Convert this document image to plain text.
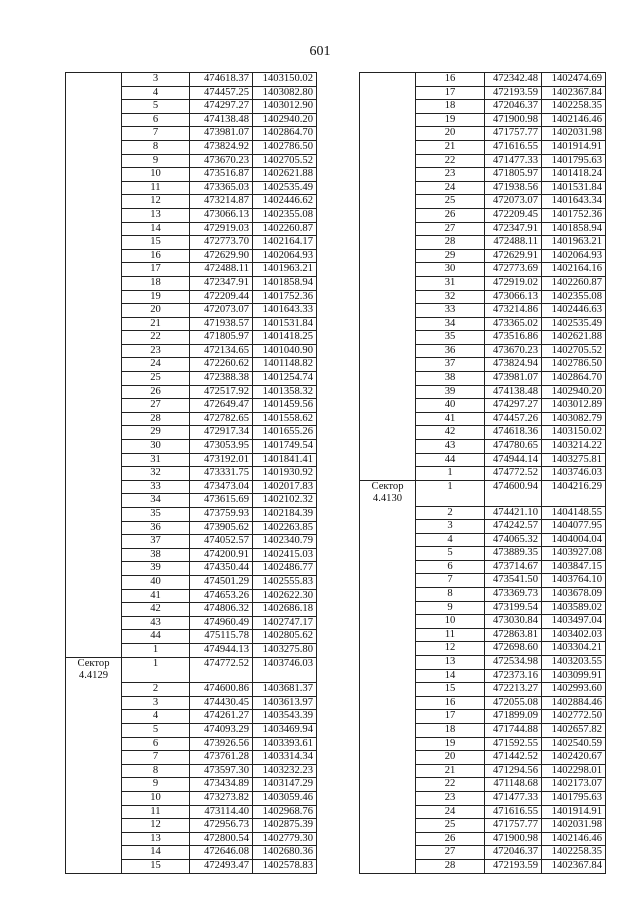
601
	3	474618.37	1403150.02
	4	474457.25	1403082.80
	5	474297.27	1403012.90
	6	474138.48	1402940.20
	7	473981.07	1402864.70
	8	473824.92	1402786.50
	9	473670.23	1402705.52
	10	473516.87	1402621.88
	11	473365.03	1402535.49
	12	473214.87	1402446.62
	13	473066.13	1402355.08
	14	472919.03	1402260.87
	15	472773.70	1402164.17
	16	472629.90	1402064.93
	17	472488.11	1401963.21
	18	472347.91	1401858.94
	19	472209.44	1401752.36
	20	472073.07	1401643.33
	21	471938.57	1401531.84
	22	471805.97	1401418.25
	23	472134.65	1401040.90
	24	472260.62	1401148.82
	25	472388.38	1401254.74
	26	472517.92	1401358.32
	27	472649.47	1401459.56
	28	472782.65	1401558.62
	29	472917.34	1401655.26
	30	473053.95	1401749.54
	31	473192.01	1401841.41
	32	473331.75	1401930.92
	33	473473.04	1402017.83
	34	473615.69	1402102.32
	35	473759.93	1402184.39
	36	473905.62	1402263.85
	37	474052.57	1402340.79
	38	474200.91	1402415.03
	39	474350.44	1402486.77
	40	474501.29	1402555.83
	41	474653.26	1402622.30
	42	474806.32	1402686.18
	43	474960.49	1402747.17
	44	475115.78	1402805.62
	1	474944.13	1403275.80
Сектор 4.4129	1	474772.52	1403746.03
	2	474600.86	1403681.37
	3	474430.45	1403613.97
	4	474261.27	1403543.39
	5	474093.29	1403469.94
	6	473926.56	1403393.61
	7	473761.28	1403314.34
	8	473597.30	1403232.23
	9	473434.89	1403147.29
	10	473273.82	1403059.46
	11	473114.40	1402968.76
	12	472956.73	1402875.39
	13	472800.54	1402779.30
	14	472646.08	1402680.36
	15	472493.47	1402578.83
	16	472342.48	1402474.69
	17	472193.59	1402367.84
	18	472046.37	1402258.35
	19	471900.98	1402146.46
	20	471757.77	1402031.98
	21	471616.55	1401914.91
	22	471477.33	1401795.63
	23	471805.97	1401418.24
	24	471938.56	1401531.84
	25	472073.07	1401643.34
	26	472209.45	1401752.36
	27	472347.91	1401858.94
	28	472488.11	1401963.21
	29	472629.91	1402064.93
	30	472773.69	1402164.16
	31	472919.02	1402260.87
	32	473066.13	1402355.08
	33	473214.86	1402446.63
	34	473365.02	1402535.49
	35	473516.86	1402621.88
	36	473670.23	1402705.52
	37	473824.94	1402786.50
	38	473981.07	1402864.70
	39	474138.48	1402940.20
	40	474297.27	1403012.89
	41	474457.26	1403082.79
	42	474618.36	1403150.02
	43	474780.65	1403214.22
	44	474944.14	1403275.81
	1	474772.52	1403746.03
Сектор 4.4130	1	474600.94	1404216.29
	2	474421.10	1404148.55
	3	474242.57	1404077.95
	4	474065.32	1404004.04
	5	473889.35	1403927.08
	6	473714.67	1403847.15
	7	473541.50	1403764.10
	8	473369.73	1403678.09
	9	473199.54	1403589.02
	10	473030.84	1403497.04
	11	472863.81	1403402.03
	12	472698.60	1403304.21
	13	472534.98	1403203.55
	14	472373.16	1403099.91
	15	472213.27	1402993.60
	16	472055.08	1402884.46
	17	471899.09	1402772.50
	18	471744.88	1402657.82
	19	471592.55	1402540.59
	20	471442.52	1402420.67
	21	471294.56	1402298.01
	22	471148.68	1402173.07
	23	471477.33	1401795.63
	24	471616.55	1401914.91
	25	471757.77	1402031.98
	26	471900.98	1402146.46
	27	472046.37	1402258.35
	28	472193.59	1402367.84
